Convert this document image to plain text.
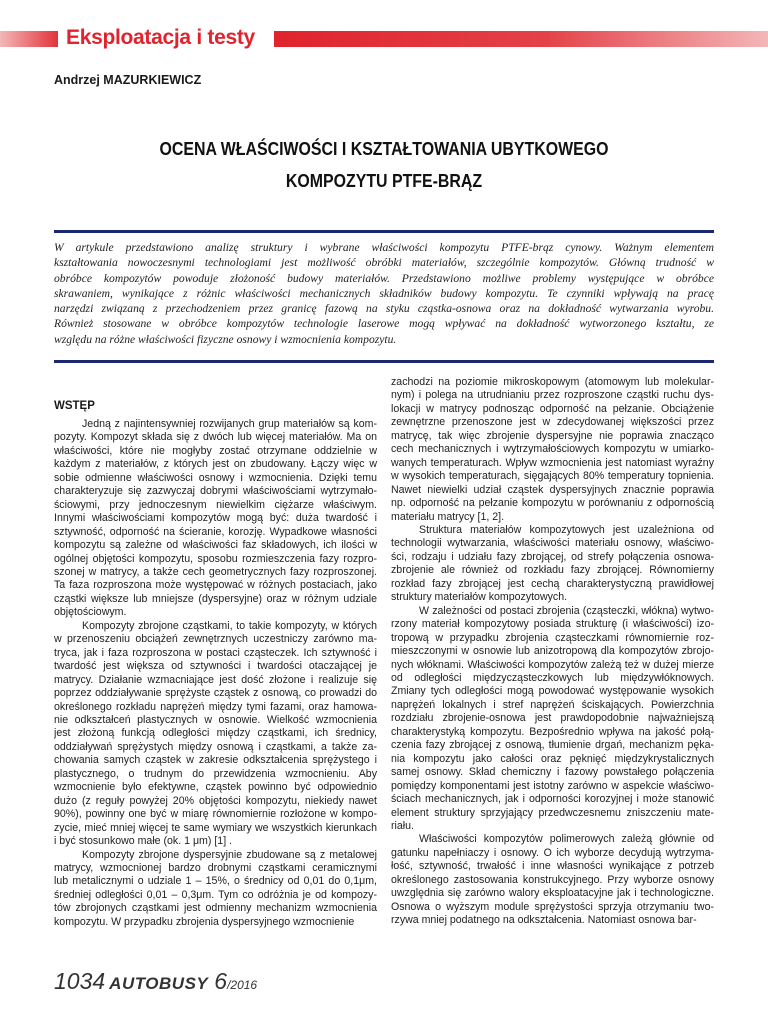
Eksploatacja i testy
Andrzej MAZURKIEWICZ
OCENA WŁAŚCIWOŚCI I KSZTAŁTOWANIA UBYTKOWEGO
KOMPOZYTU PTFE-BRĄZ
W artykule przedstawiono analizę struktury i wybrane właściwości kompozytu PTFE-brąz cynowy. Ważnym elementem
kształtowania nowoczesnymi technologiami jest możliwość obróbki materiałów, szczególnie kompozytów. Główną trudność w
obróbce kompozytów powoduje złożoność budowy materiałów. Przedstawiono możliwe problemy występujące w obróbce
skrawaniem, wynikające z różnic właściwości mechanicznych składników budowy kompozytu. Te czynniki wpływają na pracę
narzędzi związaną z przechodzeniem przez granicę fazową na styku cząstka-osnowa oraz na dokładność wytwarzania wyrobu.
Również stosowane w obróbce kompozytów technologie laserowe mogą wpływać na dokładność wytworzonego kształtu, ze
względu na różne właściwości fizyczne osnowy i wzmocnienia kompozytu.
WSTĘP
Jedną z najintensywniej rozwijanych grup materiałów są kom-
pozyty. Kompozyt składa się z dwóch lub więcej materiałów. Ma on
właściwości, które nie mogłyby zostać otrzymane oddzielnie w
każdym z materiałów, z których jest on zbudowany. Łączy więc w
sobie odmienne właściwości osnowy i wzmocnienia. Dzięki temu
charakteryzuje się zazwyczaj dobrymi właściwościami wytrzymało-
ściowymi, przy jednoczesnym niewielkim ciężarze właściwym.
Innymi właściwościami kompozytów mogą być: duża twardość i
sztywność, odporność na ścieranie, korozję. Wypadkowe własności
kompozytu są zależne od właściwości faz składowych, ich ilości w
ogólnej objętości kompozytu, sposobu rozmieszczenia fazy rozpro-
szonej w matrycy, a także cech geometrycznych fazy rozproszonej.
Ta faza rozproszona może występować w różnych postaciach, jako
cząstki większe lub mniejsze (dyspersyjne) oraz w różnym udziale
objętościowym.
Kompozyty zbrojone cząstkami, to takie kompozyty, w których
w przenoszeniu obciążeń zewnętrznych uczestniczy zarówno ma-
tryca, jak i faza rozproszona w postaci cząsteczek. Ich sztywność i
twardość jest większa od sztywności i twardości otaczającej je
matrycy. Działanie wzmacniające jest dość złożone i realizuje się
poprzez oddziaływanie sprężyste cząstek z osnową, co prowadzi do
określonego rozkładu naprężeń między tymi fazami, oraz hamowa-
nie odkształceń plastycznych w osnowie. Wielkość wzmocnienia
jest złożoną funkcją odległości między cząstkami, ich średnicy,
oddziaływań sprężystych między osnową i cząstkami, a także za-
chowania samych cząstek w zakresie odkształcenia sprężystego i
plastycznego, o trudnym do przewidzenia wzmocnieniu. Aby
wzmocnienie było efektywne, cząstek powinno być odpowiednio
dużo (z reguły powyżej 20% objętości kompozytu, niekiedy nawet
90%), powinny one być w miarę równomiernie rozłożone w kompo-
zycie, mieć mniej więcej te same wymiary we wszystkich kierunkach
i być stosunkowo małe (ok. 1 μm) [1] .
Kompozyty zbrojone dyspersyjnie zbudowane są z metalowej
matrycy, wzmocnionej bardzo drobnymi cząstkami ceramicznymi
lub metalicznymi o udziale 1 – 15%, o średnicy od 0,01 do 0,1μm,
średniej odległości 0,01 – 0,3μm. Tym co odróżnia je od kompozy-
tów zbrojonych cząstkami jest odmienny mechanizm wzmocnienia
kompozytu. W przypadku zbrojenia dyspersyjnego wzmocnienie
zachodzi na poziomie mikroskopowym (atomowym lub molekular-
nym) i polega na utrudnianiu przez rozproszone cząstki ruchu dys-
lokacji w matrycy podnosząc odporność na pełzanie. Obciążenie
zewnętrzne przenoszone jest w zdecydowanej większości przez
matrycę, tak więc zbrojenie dyspersyjne nie poprawia znacząco
cech mechanicznych i wytrzymałościowych kompozytu w umiarko-
wanych temperaturach. Wpływ wzmocnienia jest natomiast wyraźny
w wysokich temperaturach, sięgających 80% temperatury topnienia.
Nawet niewielki udział cząstek dyspersyjnych znacznie poprawia
np. odporność na pełzanie kompozytu w porównaniu z odpornością
materiału matrycy [1, 2].
Struktura materiałów kompozytowych jest uzależniona od
technologii wytwarzania, właściwości materiału osnowy, właściwo-
ści, rodzaju i udziału fazy zbrojącej, od strefy połączenia osnowa-
zbrojenie ale również od rozkładu fazy zbrojącej. Równomierny
rozkład fazy zbrojącej jest cechą charakterystyczną prawidłowej
struktury materiałów kompozytowych.
W zależności od postaci zbrojenia (cząsteczki, włókna) wytwo-
rzony materiał kompozytowy posiada strukturę (i właściwości) izo-
tropową w przypadku zbrojenia cząsteczkami równomiernie roz-
mieszczonymi w osnowie lub anizotropową dla kompozytów zbrojo-
nych włóknami. Właściwości kompozytów zależą też w dużej mierze
od odległości międzycząsteczkowych lub międzywłóknowych.
Zmiany tych odległości mogą powodować występowanie wysokich
naprężeń lokalnych i stref naprężeń ściskających. Powierzchnia
rozdziału zbrojenie-osnowa jest prawdopodobnie najważniejszą
charakterystyką kompozytu. Bezpośrednio wpływa na jakość połą-
czenia fazy zbrojącej z osnową, tłumienie drgań, mechanizm pęka-
nia kompozytu jako całości oraz pęknięć międzykrystalicznych
samej osnowy. Skład chemiczny i fazowy powstałego połączenia
pomiędzy komponentami jest istotny zarówno w aspekcie właściwo-
ściach mechanicznych, jak i odporności korozyjnej i może stanowić
element struktury sprzyjający przedwczesnemu zniszczeniu mate-
riału.
Właściwości kompozytów polimerowych zależą głównie od
gatunku napełniaczy i osnowy. O ich wyborze decydują wytrzyma-
łość, sztywność, trwałość i inne własności wynikające z potrzeb
określonego zastosowania konstrukcyjnego. Przy wyborze osnowy
uwzględnia się zarówno walory eksploatacyjne jak i technologiczne.
Osnowa o wyższym module sprężystości sprzyja otrzymaniu two-
rzywa mniej podatnego na odkształcenia. Natomiast osnowa bar-
1034 AUTOBUSY 6/2016
